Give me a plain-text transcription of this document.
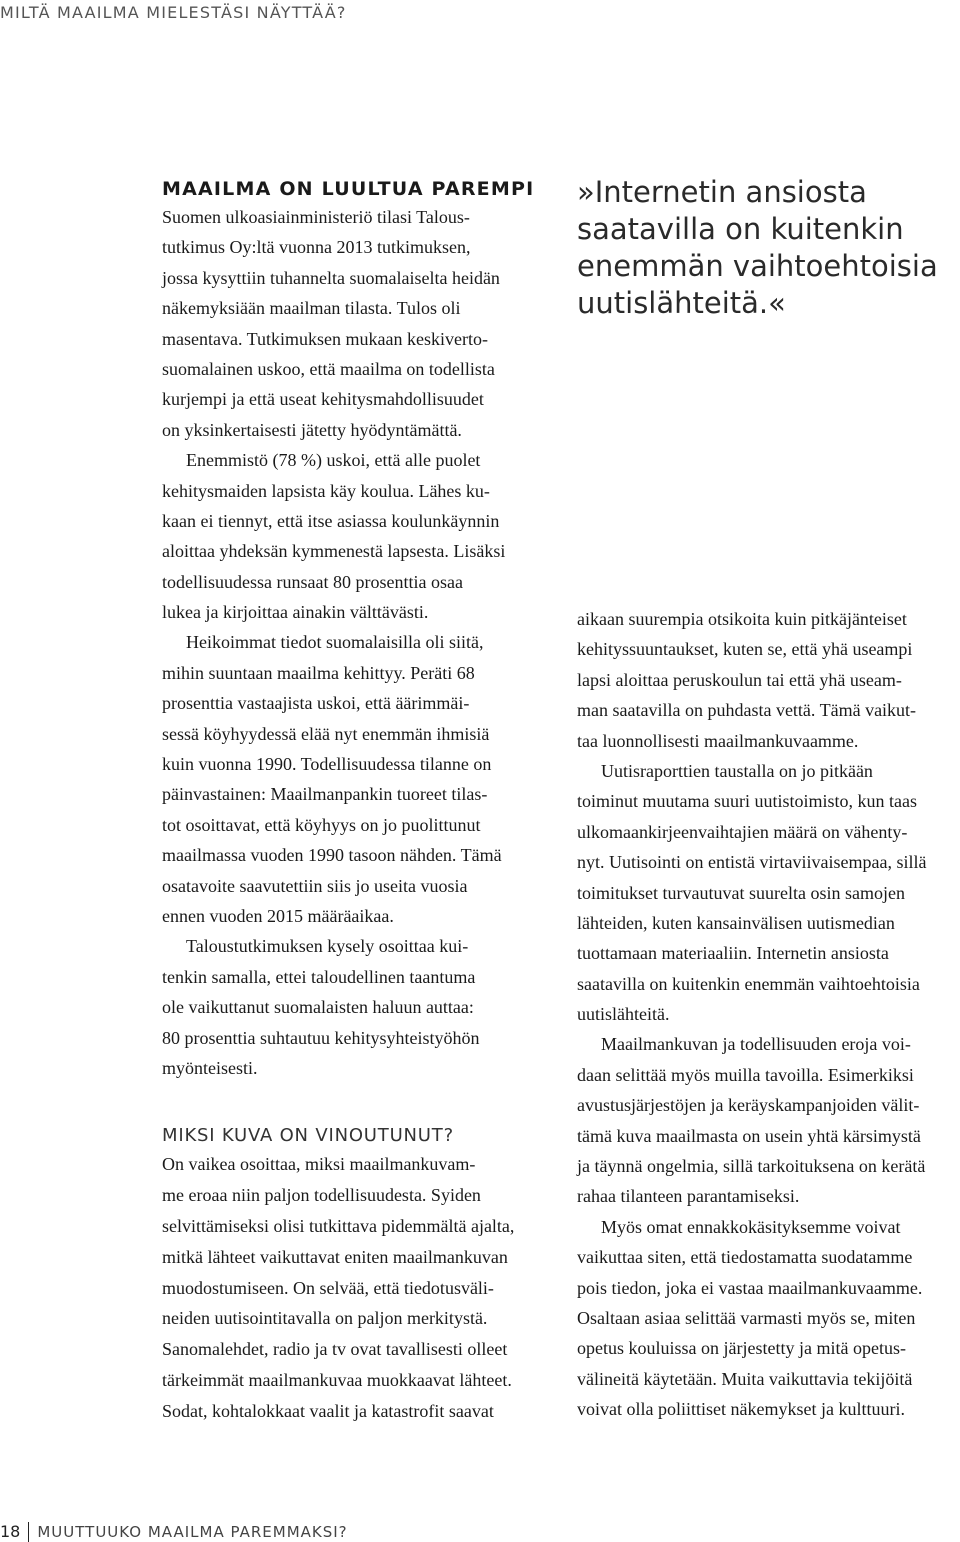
MILTÄ MAAILMA MIELESTÄSI NÄYTTÄÄ?
MAAILMA ON LUULTUA PAREMPI

Suomen ulkoasiainministeriö tilasi Talous-
tutkimus Oy:ltä vuonna 2013 tutkimuksen,
jossa kysyttiin tuhannelta suomalaiselta heidän
näkemyksiään maailman tilasta. Tulos oli
masentava. Tutkimuksen mukaan keskiverto-
suomalainen uskoo, että maailma on todellista
kurjempi ja että useat kehitysmahdollisuudet
on yksinkertaisesti jätetty hyödyntämättä.

Enemmistö (78 %) uskoi, että alle puolet
kehitysmaiden lapsista käy koulua. Lähes ku-
kaan ei tiennyt, että itse asiassa koulunkäynnin
aloittaa yhdeksän kymmenestä lapsesta. Lisäksi
todellisuudessa runsaat 80 prosenttia osaa
lukea ja kirjoittaa ainakin välttävästi.

Heikoimmat tiedot suomalaisilla oli siitä,
mihin suuntaan maailma kehittyy. Peräti 68
prosenttia vastaajista uskoi, että äärimmäi-
sessä köyhyydessä elää nyt enemmän ihmisiä
kuin vuonna 1990. Todellisuudessa tilanne on
päinvastainen: Maailmanpankin tuoreet tilas-
tot osoittavat, että köyhyys on jo puolittunut
maailmassa vuoden 1990 tasoon nähden. Tämä
osatavoite saavutettiin siis jo useita vuosia
ennen vuoden 2015 määräaikaa.

Taloustutkimuksen kysely osoittaa kui-
tenkin samalla, ettei taloudellinen taantuma
ole vaikuttanut suomalaisten haluun auttaa:
80 prosenttia suhtautuu kehitysyhteistyöhön
myönteisesti.

MIKSI KUVA ON VINOUTUNUT?

On vaikea osoittaa, miksi maailmankuvam-
me eroaa niin paljon todellisuudesta. Syiden
selvittämiseksi olisi tutkittava pidemmältä ajalta,
mitkä lähteet vaikuttavat eniten maailmankuvan
muodostumiseen. On selvää, että tiedotusväli-
neiden uutisointitavalla on paljon merkitystä.
Sanomalehdet, radio ja tv ovat tavallisesti olleet
tärkeimmät maailmankuvaa muokkaavat lähteet.
Sodat, kohtalokkaat vaalit ja katastrofit saavat

»Internetin ansiosta
saatavilla on kuitenkin
enemmän vaihtoehtoisia
uutislähteitä.«

aikaan suurempia otsikoita kuin pitkäjänteiset
kehityssuuntaukset, kuten se, että yhä useampi
lapsi aloittaa peruskoulun tai että yhä useam-
man saatavilla on puhdasta vettä. Tämä vaikut-
taa luonnollisesti maailmankuvaamme.

Uutisraporttien taustalla on jo pitkään
toiminut muutama suuri uutistoimisto, kun taas
ulkomaankirjeenvaihtajien määrä on vähenty-
nyt. Uutisointi on entistä virtaviivaisempaa, sillä
toimitukset turvautuvat suurelta osin samojen
lähteiden, kuten kansainvälisen uutismedian
tuottamaan materiaaliin. Internetin ansiosta
saatavilla on kuitenkin enemmän vaihtoehtoisia
uutislähteitä.

Maailmankuvan ja todellisuuden eroja voi-
daan selittää myös muilla tavoilla. Esimerkiksi
avustusjärjestöjen ja keräyskampanjoiden välit-
tämä kuva maailmasta on usein yhtä kärsimystä
ja täynnä ongelmia, sillä tarkoituksena on kerätä
rahaa tilanteen parantamiseksi.

Myös omat ennakkokäsityksemme voivat
vaikuttaa siten, että tiedostamatta suodatamme
pois tiedon, joka ei vastaa maailmankuvaamme.
Osaltaan asiaa selittää varmasti myös se, miten
opetus kouluissa on järjestetty ja mitä opetus-
välineitä käytetään. Muita vaikuttavia tekijöitä
voivat olla poliittiset näkemykset ja kulttuuri.

18 MUUTTUUKO MAAILMA PAREMMAKSI?
